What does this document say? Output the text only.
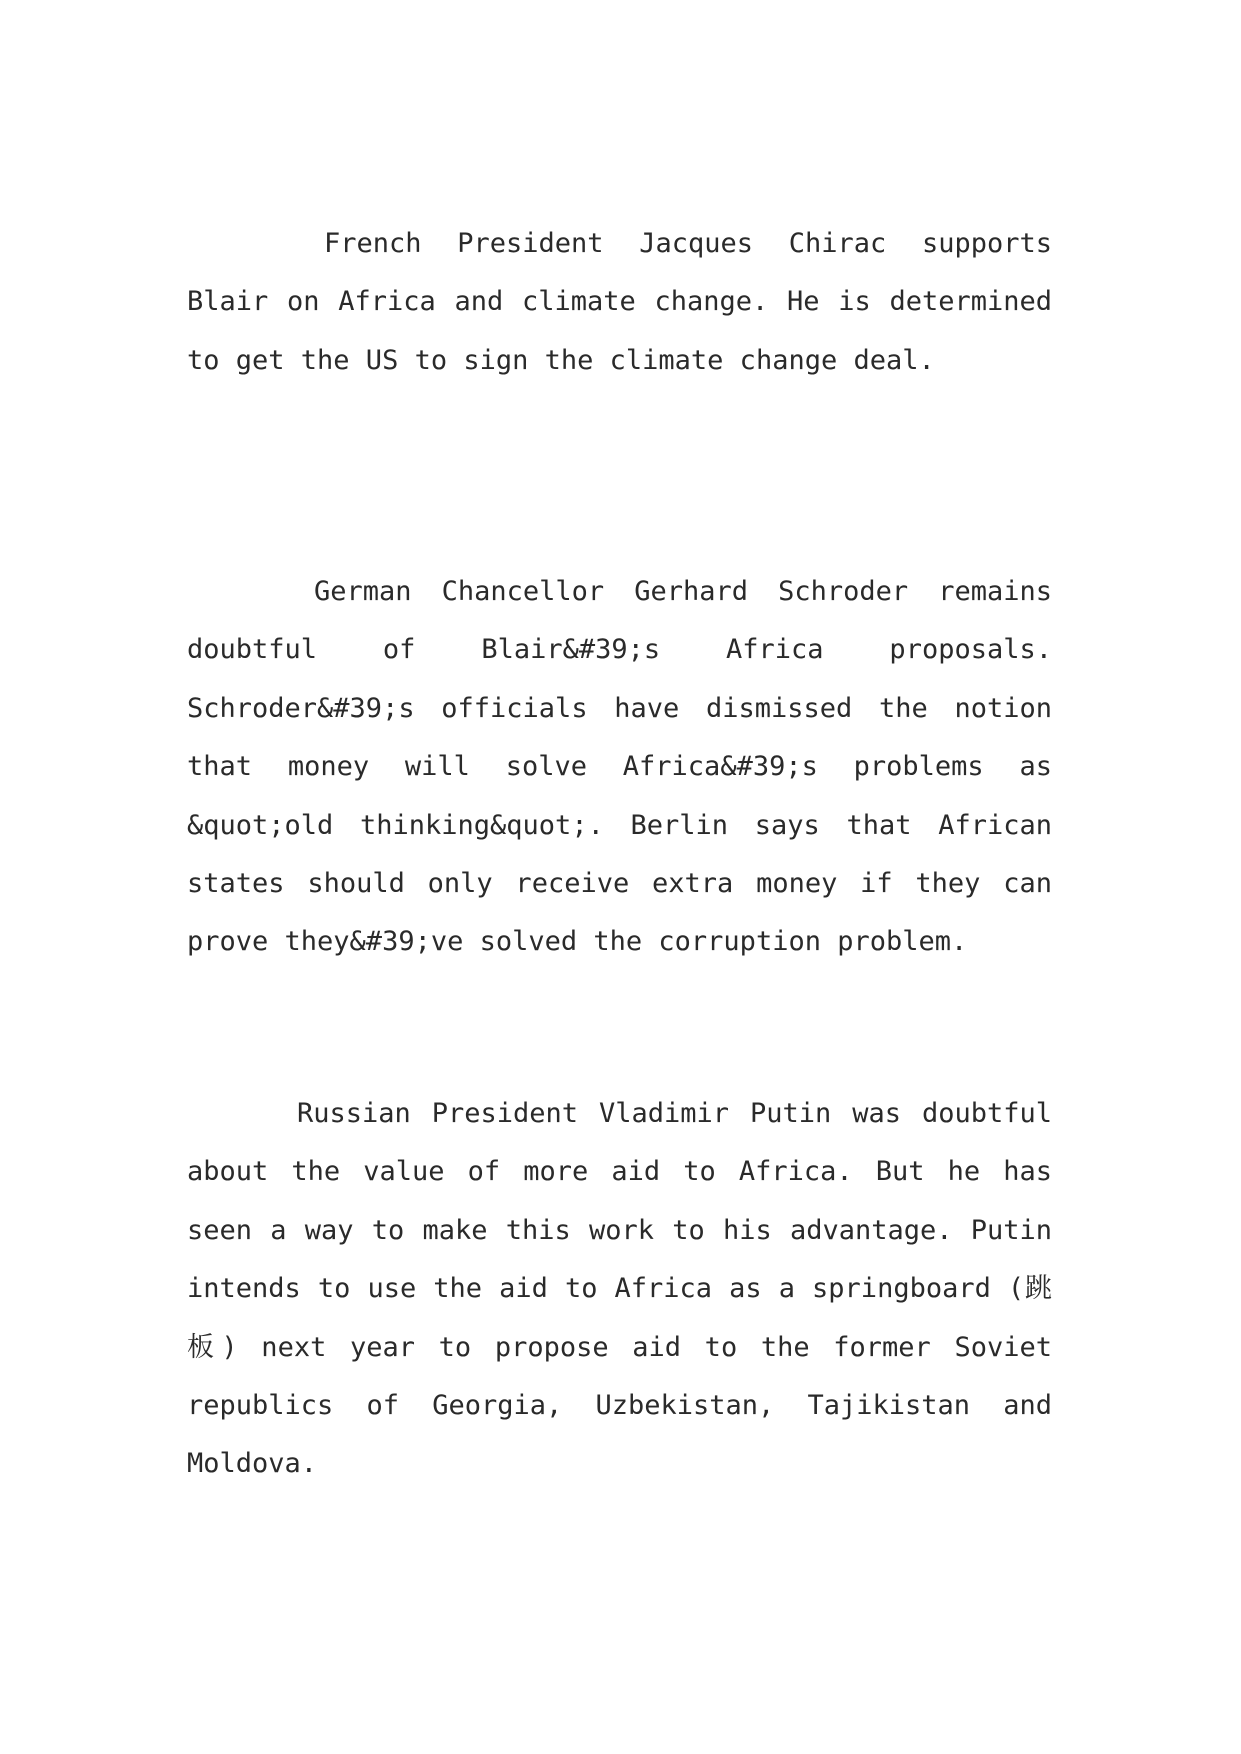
French President Jacques Chirac supports Blair on Africa and climate change. He is determined to get the US to sign the climate change deal.

German Chancellor Gerhard Schroder remains doubtful of Blair&#39;s Africa proposals. Schroder&#39;s officials have dismissed the notion that money will solve Africa&#39;s problems as &quot;old thinking&quot;. Berlin says that African states should only receive extra money if they can prove they&#39;ve solved the corruption problem.

Russian President Vladimir Putin was doubtful about the value of more aid to Africa. But he has seen a way to make this work to his advantage. Putin intends to use the aid to Africa as a springboard (跳板) next year to propose aid to the former Soviet republics of Georgia, Uzbekistan, Tajikistan and Moldova.
